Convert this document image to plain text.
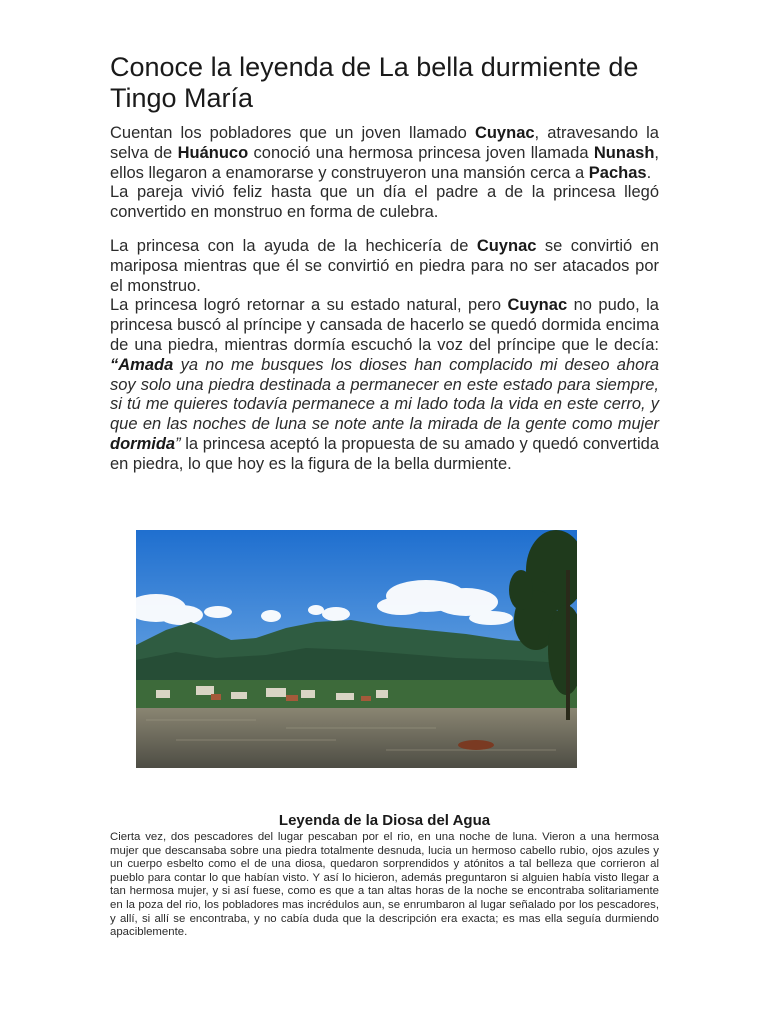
Conoce la leyenda de La bella durmiente de Tingo María

Cuentan los pobladores que un joven llamado Cuynac, atravesando la selva de Huánuco conoció una hermosa princesa joven llamada Nunash, ellos llegaron a enamorarse y construyeron una mansión cerca a Pachas.

La pareja vivió feliz hasta que un día el padre a de la princesa llegó convertido en monstruo en forma de culebra.

La princesa con la ayuda de la hechicería de Cuynac se convirtió en mariposa mientras que él se convirtió en piedra para no ser atacados por el monstruo.

La princesa logró retornar a su estado natural, pero Cuynac no pudo, la princesa buscó al príncipe y cansada de hacerlo se quedó dormida encima de una piedra, mientras dormía escuchó la voz del príncipe que le decía: “Amada ya no me busques los dioses han complacido mi deseo ahora soy solo una piedra destinada a permanecer en este estado para siempre, si tú me quieres todavía permanece a mi lado toda la vida en este cerro, y que en las noches de luna se note ante la mirada de la gente como mujer dormida” la princesa aceptó la propuesta de su amado y quedó convertida en piedra, lo que hoy es la figura de la bella durmiente.

Leyenda de la Diosa del Agua

Cierta vez, dos pescadores del lugar pescaban por el rio, en una noche de luna. Vieron a una hermosa mujer que descansaba sobre una piedra totalmente desnuda, lucia un hermoso cabello rubio, ojos azules y un cuerpo esbelto como el de una diosa, quedaron sorprendidos y atónitos a tal belleza que corrieron al pueblo para contar lo que habían visto. Y así lo hicieron, además preguntaron si alguien había visto llegar a tan hermosa mujer, y si así fuese, como es que a tan altas horas de la noche se encontraba solitariamente en la poza del rio, los pobladores mas incrédulos aun, se enrumbaron al lugar señalado por los pescadores, y allí, si allí se encontraba, y no cabía duda que la descripción era exacta; es mas ella seguía durmiendo apaciblemente.
